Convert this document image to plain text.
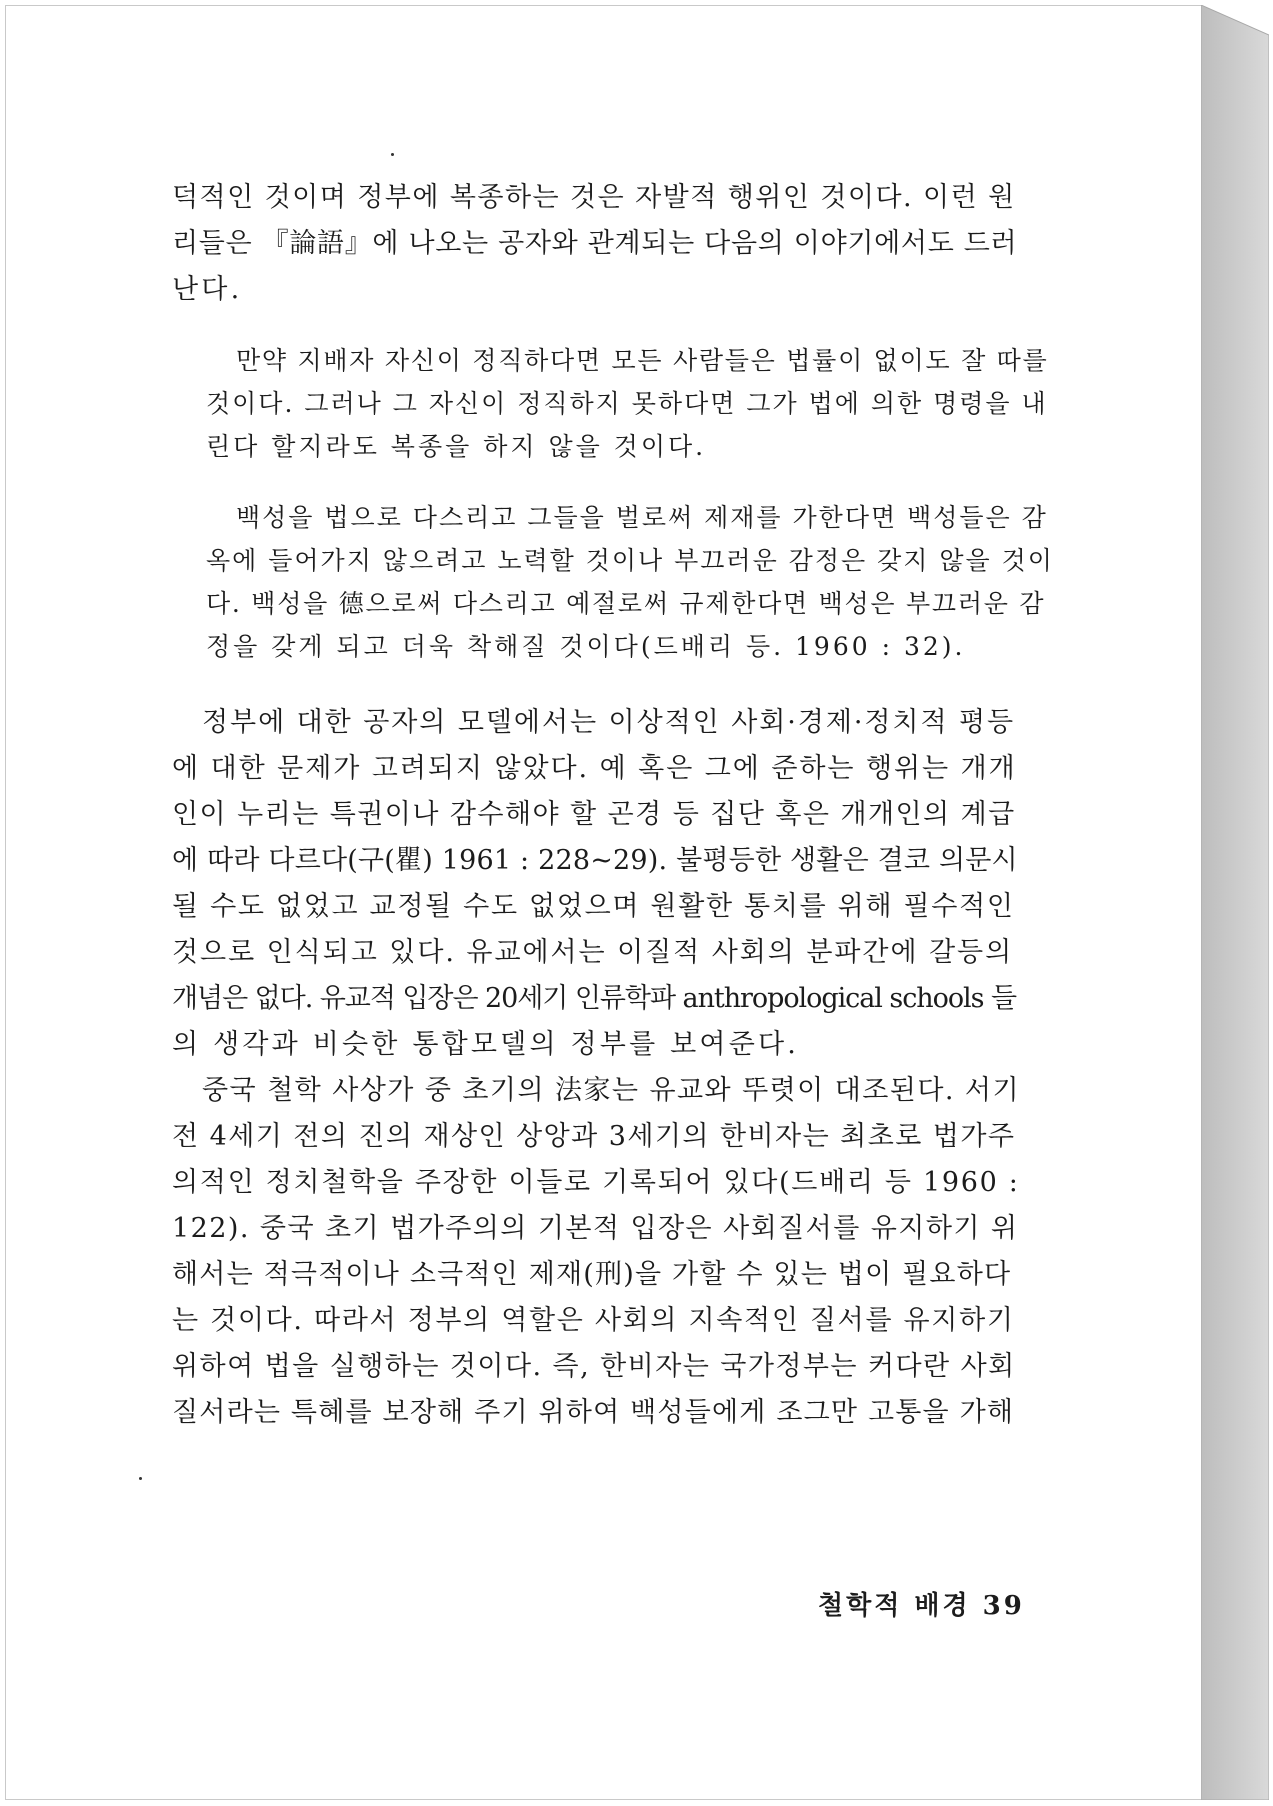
덕적인 것이며 정부에 복종하는 것은 자발적 행위인 것이다. 이런 원
리들은 『論語』에 나오는 공자와 관계되는 다음의 이야기에서도 드러
난다.

만약 지배자 자신이 정직하다면 모든 사람들은 법률이 없이도 잘 따를
것이다. 그러나 그 자신이 정직하지 못하다면 그가 법에 의한 명령을 내
린다 할지라도 복종을 하지 않을 것이다.

백성을 법으로 다스리고 그들을 벌로써 제재를 가한다면 백성들은 감
옥에 들어가지 않으려고 노력할 것이나 부끄러운 감정은 갖지 않을 것이
다. 백성을 德으로써 다스리고 예절로써 규제한다면 백성은 부끄러운 감
정을 갖게 되고 더욱 착해질 것이다(드배리 등. 1960 : 32).

정부에 대한 공자의 모델에서는 이상적인 사회·경제·정치적 평등
에 대한 문제가 고려되지 않았다. 예 혹은 그에 준하는 행위는 개개
인이 누리는 특권이나 감수해야 할 곤경 등 집단 혹은 개개인의 계급
에 따라 다르다(구(瞿) 1961 : 228~29). 불평등한 생활은 결코 의문시
될 수도 없었고 교정될 수도 없었으며 원활한 통치를 위해 필수적인
것으로 인식되고 있다. 유교에서는 이질적 사회의 분파간에 갈등의
개념은 없다. 유교적 입장은 20세기 인류학파 anthropological schools 들
의 생각과 비슷한 통합모델의 정부를 보여준다.

중국 철학 사상가 중 초기의 法家는 유교와 뚜렷이 대조된다. 서기
전 4세기 전의 진의 재상인 상앙과 3세기의 한비자는 최초로 법가주
의적인 정치철학을 주장한 이들로 기록되어 있다(드배리 등 1960 :
122). 중국 초기 법가주의의 기본적 입장은 사회질서를 유지하기 위
해서는 적극적이나 소극적인 제재(刑)을 가할 수 있는 법이 필요하다
는 것이다. 따라서 정부의 역할은 사회의 지속적인 질서를 유지하기
위하여 법을 실행하는 것이다. 즉, 한비자는 국가정부는 커다란 사회
질서라는 특혜를 보장해 주기 위하여 백성들에게 조그만 고통을 가해

철학적 배경 39
